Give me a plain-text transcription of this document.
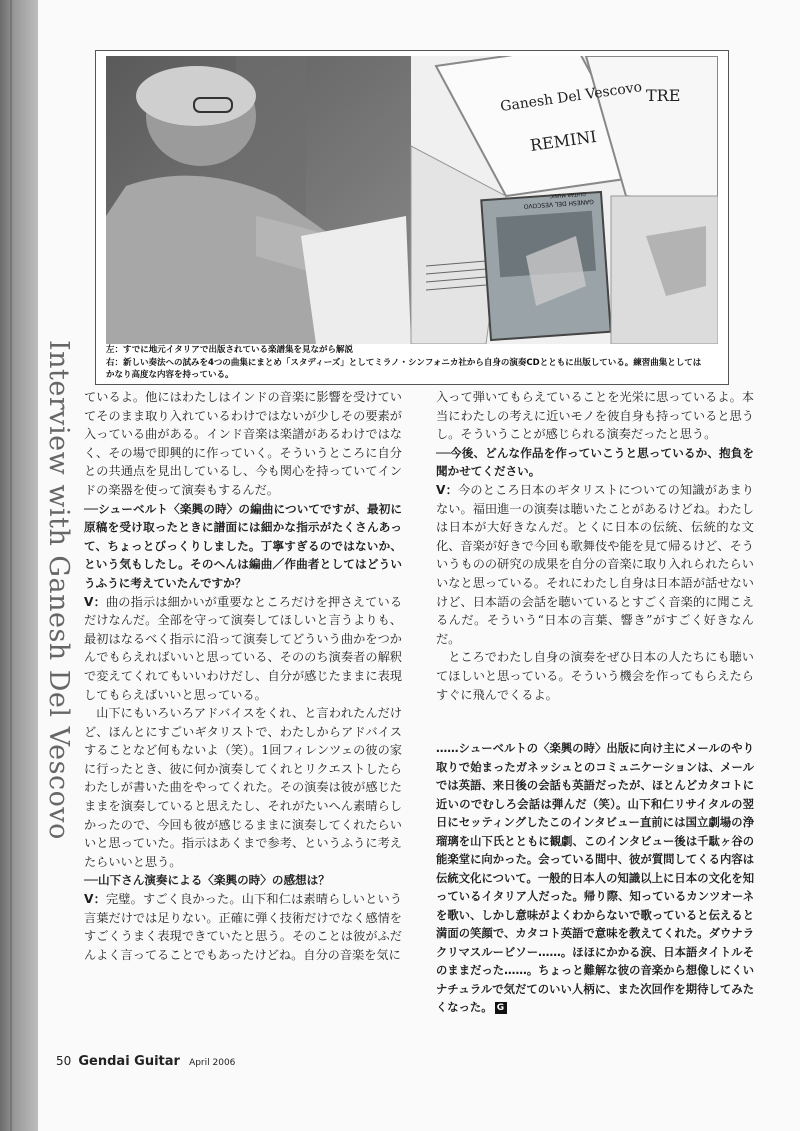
Interview with Ganesh Del Vescovo
Ganesh Del Vescovo
REMINI
TRE
GANESH DEL VESCOVO
GUITAR MUSIC
左：すでに地元イタリアで出版されている楽譜集を見ながら解説
右：新しい奏法への試みを4つの曲集にまとめ「スタディーズ」としてミラノ・シンフォニカ社から自身の演奏CDとともに出版している。練習曲集としては
かなり高度な内容を持っている。

ているよ。他にはわたしはインドの音楽に影響を受けていてそのまま取り入れているわけではないが少しその要素が入っている曲がある。インド音楽は楽譜があるわけではなく、その場で即興的に作っていく。そういうところに自分との共通点を見出しているし、今も関心を持っていてインドの楽器を使って演奏もするんだ。

──シューベルト〈楽興の時〉の編曲についてですが、最初に原稿を受け取ったときに譜面には細かな指示がたくさんあって、ちょっとびっくりしました。丁寧すぎるのではないか、という気もしたし。そのへんは編曲／作曲者としてはどういうふうに考えていたんですか？

V：曲の指示は細かいが重要なところだけを押さえているだけなんだ。全部を守って演奏してほしいと言うよりも、最初はなるべく指示に沿って演奏してどういう曲かをつかんでもらえればいいと思っている、そののち演奏者の解釈で変えてくれてもいいわけだし、自分が感じたままに表現してもらえばいいと思っている。

山下にもいろいろアドバイスをくれ、と言われたんだけど、ほんとにすごいギタリストで、わたしからアドバイスすることなど何もないよ（笑）。1回フィレンツェの彼の家に行ったとき、彼に何か演奏してくれとリクエストしたらわたしが書いた曲をやってくれた。その演奏は彼が感じたままを演奏していると思えたし、それがたいへん素晴らしかったので、今回も彼が感じるままに演奏してくれたらいいと思っていた。指示はあくまで参考、というふうに考えたらいいと思う。

──山下さん演奏による〈楽興の時〉の感想は？

V：完璧。すごく良かった。山下和仁は素晴らしいという言葉だけでは足りない。正確に弾く技術だけでなく感情をすごくうまく表現できていたと思う。そのことは彼がふだんよく言ってることでもあったけどね。自分の音楽を気に

入って弾いてもらえていることを光栄に思っているよ。本当にわたしの考えに近いモノを彼自身も持っていると思うし。そういうことが感じられる演奏だったと思う。

──今後、どんな作品を作っていこうと思っているか、抱負を聞かせてください。

V：今のところ日本のギタリストについての知識があまりない。福田進一の演奏は聴いたことがあるけどね。わたしは日本が大好きなんだ。とくに日本の伝統、伝統的な文化、音楽が好きで今回も歌舞伎や能を見て帰るけど、そういうものの研究の成果を自分の音楽に取り入れられたらいいなと思っている。それにわたし自身は日本語が話せないけど、日本語の会話を聴いているとすごく音楽的に聞こえるんだ。そういう“日本の言葉、響き”がすごく好きなんだ。

ところでわたし自身の演奏をぜひ日本の人たちにも聴いてほしいと思っている。そういう機会を作ってもらえたらすぐに飛んでくるよ。

……シューベルトの〈楽興の時〉出版に向け主にメールのやり取りで始まったガネッシュとのコミュニケーションは、メールでは英語、来日後の会話も英語だったが、ほとんどカタコトに近いのでむしろ会話は弾んだ（笑）。山下和仁リサイタルの翌日にセッティングしたこのインタビュー直前には国立劇場の浄瑠璃を山下氏とともに観劇、このインタビュー後は千駄ヶ谷の能楽堂に向かった。会っている間中、彼が質問してくる内容は伝統文化について。一般的日本人の知識以上に日本の文化を知っているイタリア人だった。帰り際、知っているカンツオーネを歌い、しかし意味がよくわからないで歌っていると伝えると満面の笑顔で、カタコト英語で意味を教えてくれた。ダウナラクリマスルービソー……。ほほにかかる涙、日本語タイトルそのままだった……。ちょっと難解な彼の音楽から想像しにくいナチュラルで気だてのいい人柄に、また次回作を期待してみたくなった。 G

50 Gendai Guitar April 2006
